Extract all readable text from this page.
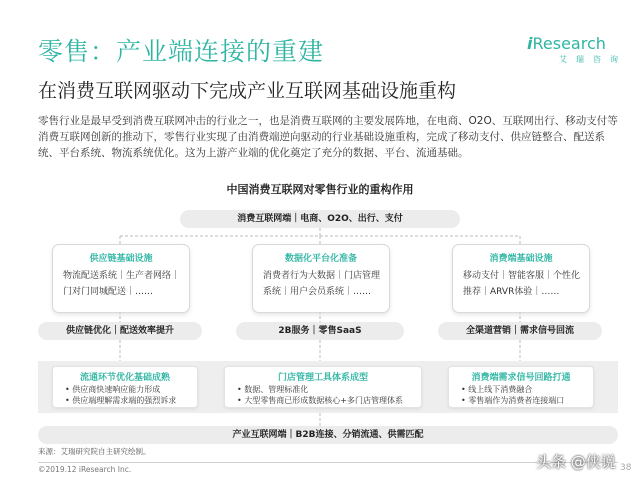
零售：产业端连接的重建
在消费互联网驱动下完成产业互联网基础设施重构
iResearch
艾瑞咨询
零售行业是最早受到消费互联网冲击的行业之一，也是消费互联网的主要发展阵地，在电商、O2O、互联网出行、移动支付等消费互联网创新的推动下，零售行业实现了由消费端逆向驱动的行业基础设施重构，完成了移动支付、供应链整合、配送系统、平台系统、物流系统优化。这为上游产业端的优化奠定了充分的数据、平台、流通基础。
中国消费互联网对零售行业的重构作用
消费互联网端｜电商、O2O、出行、支付
供应链基础设施
物流配送系统｜生产者网络｜
门对门同城配送｜……
数据化平台化准备
消费者行为大数据｜门店管理
系统｜用户会员系统｜……
消费端基础设施
移动支付｜智能客服｜个性化
推荐｜ARVR体验｜……
供应链优化｜配送效率提升	2B服务｜零售SaaS	全渠道营销｜需求信号回流
流通环节优化基础成熟
• 供应商快速响应能力形成
• 供应端理解需求端的强烈诉求
门店管理工具体系成型
• 数据、管理标准化
• 大型零售商已形成数据核心+多门店管理体系
消费端需求信号回路打通
• 线上线下消费融合
• 零售端作为消费者连接端口
产业互联网端｜B2B连接、分销流通、供需匹配
来源：艾瑞研究院自主研究绘制。
©2019.12 iResearch Inc.	头条 @侠说 38
